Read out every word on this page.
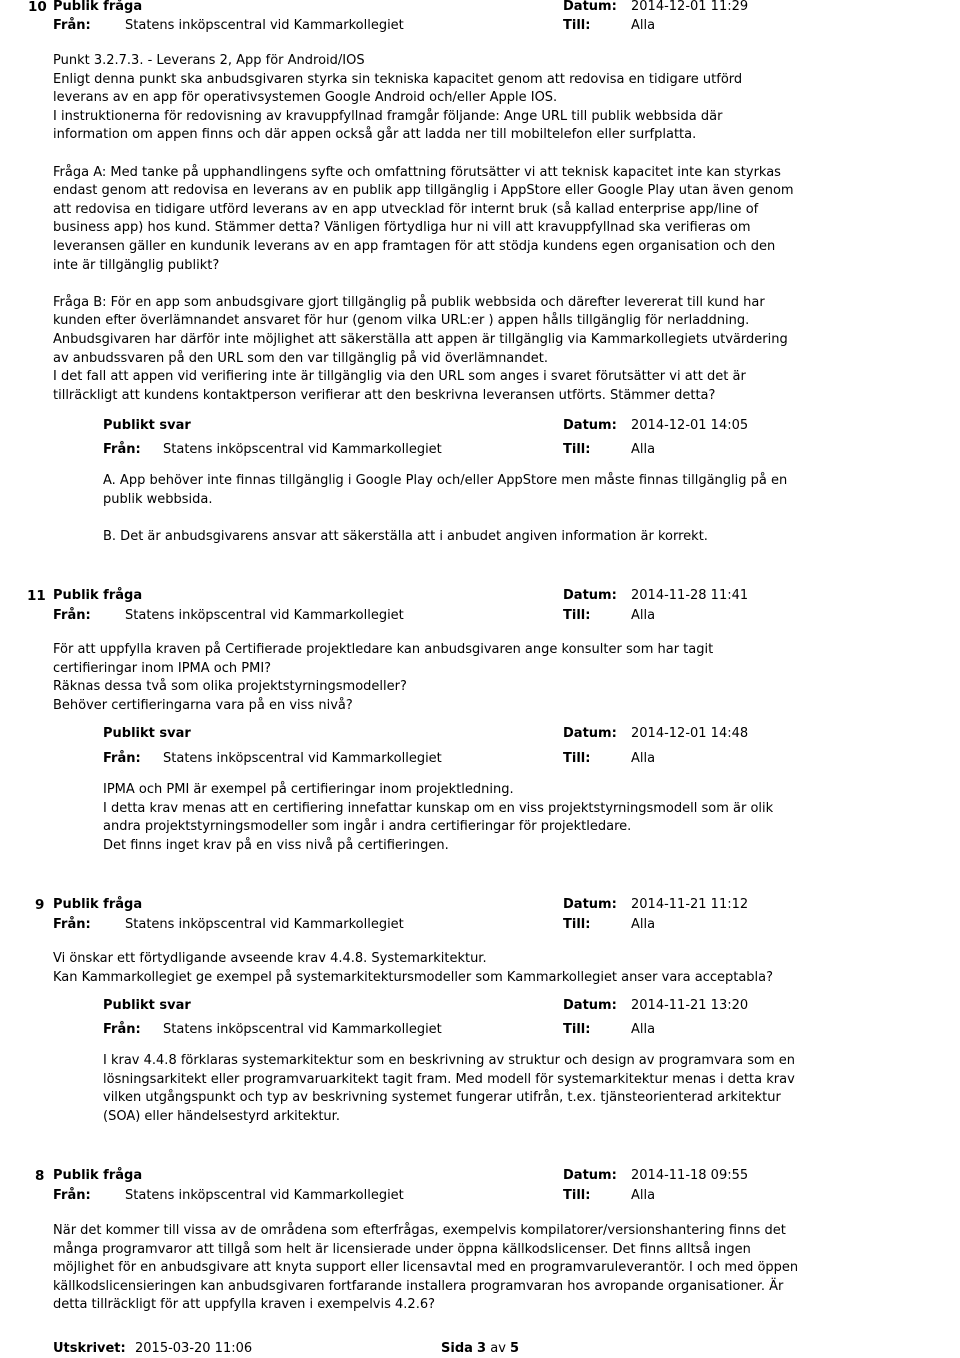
10 Publik fråga	Datum: 2014-12-01 11:29
Från:	Statens inköpscentral vid Kammarkollegiet	Till:	Alla
Punkt 3.2.7.3. - Leverans 2, App för Android/IOS
Enligt denna punkt ska anbudsgivaren styrka sin tekniska kapacitet genom att redovisa en tidigare utförd
leverans av en app för operativsystemen Google Android och/eller Apple IOS.
I instruktionerna för redovisning av kravuppfyllnad framgår följande: Ange URL till publik webbsida där
information om appen finns och där appen också går att ladda ner till mobiltelefon eller surfplatta.
Fråga A: Med tanke på upphandlingens syfte och omfattning förutsätter vi att teknisk kapacitet inte kan styrkas
endast genom att redovisa en leverans av en publik app tillgänglig i AppStore eller Google Play utan även genom
att redovisa en tidigare utförd leverans av en app utvecklad för internt bruk (så kallad enterprise app/line of
business app) hos kund. Stämmer detta? Vänligen förtydliga hur ni vill att kravuppfyllnad ska verifieras om
leveransen gäller en kundunik leverans av en app framtagen för att stödja kundens egen organisation och den
inte är tillgänglig publikt?
Fråga B: För en app som anbudsgivare gjort tillgänglig på publik webbsida och därefter levererat till kund har
kunden efter överlämnandet ansvaret för hur (genom vilka URL:er ) appen hålls tillgänglig för nerladdning.
Anbudsgivaren har därför inte möjlighet att säkerställa att appen är tillgänglig via Kammarkollegiets utvärdering
av anbudssvaren på den URL som den var tillgänglig på vid överlämnandet.
I det fall att appen vid verifiering inte är tillgänglig via den URL som anges i svaret förutsätter vi att det är
tillräckligt att kundens kontaktperson verifierar att den beskrivna leveransen utförts. Stämmer detta?
Publikt svar	Datum: 2014-12-01 14:05
Från: Statens inköpscentral vid Kammarkollegiet	Till:	Alla
A. App behöver inte finnas tillgänglig i Google Play och/eller AppStore men måste finnas tillgänglig på en
publik webbsida.
B. Det är anbudsgivarens ansvar att säkerställa att i anbudet angiven information är korrekt.
11 Publik fråga	Datum: 2014-11-28 11:41
Från:	Statens inköpscentral vid Kammarkollegiet	Till:	Alla
För att uppfylla kraven på Certifierade projektledare kan anbudsgivaren ange konsulter som har tagit
certifieringar inom IPMA och PMI?
Räknas dessa två som olika projektstyrningsmodeller?
Behöver certifieringarna vara på en viss nivå?
Publikt svar	Datum: 2014-12-01 14:48
Från: Statens inköpscentral vid Kammarkollegiet	Till:	Alla
IPMA och PMI är exempel på certifieringar inom projektledning.
I detta krav menas att en certifiering innefattar kunskap om en viss projektstyrningsmodell som är olik
andra projektstyrningsmodeller som ingår i andra certifieringar för projektledare.
Det finns inget krav på en viss nivå på certifieringen.
9 Publik fråga	Datum: 2014-11-21 11:12
Från:	Statens inköpscentral vid Kammarkollegiet	Till:	Alla
Vi önskar ett förtydligande avseende krav 4.4.8. Systemarkitektur.
Kan Kammarkollegiet ge exempel på systemarkitektursmodeller som Kammarkollegiet anser vara acceptabla?
Publikt svar	Datum: 2014-11-21 13:20
Från: Statens inköpscentral vid Kammarkollegiet	Till:	Alla
I krav 4.4.8 förklaras systemarkitektur som en beskrivning av struktur och design av programvara som en
lösningsarkitekt eller programvaruarkitekt tagit fram. Med modell för systemarkitektur menas i detta krav
vilken utgångspunkt och typ av beskrivning systemet fungerar utifrån, t.ex. tjänsteorienterad arkitektur
(SOA) eller händelsestyrd arkitektur.
8 Publik fråga	Datum: 2014-11-18 09:55
Från:	Statens inköpscentral vid Kammarkollegiet	Till:	Alla
När det kommer till vissa av de områdena som efterfrågas, exempelvis kompilatorer/versionshantering finns det
många programvaror att tillgå som helt är licensierade under öppna källkodslicenser. Det finns alltså ingen
möjlighet för en anbudsgivare att knyta support eller licensavtal med en programvaruleverantör. I och med öppen
källkodslicensieringen kan anbudsgivaren fortfarande installera programvaran hos avropande organisationer. Är
detta tillräckligt för att uppfylla kraven i exempelvis 4.2.6?
Utskrivet: 2015-03-20 11:06	Sida 3 av 5
